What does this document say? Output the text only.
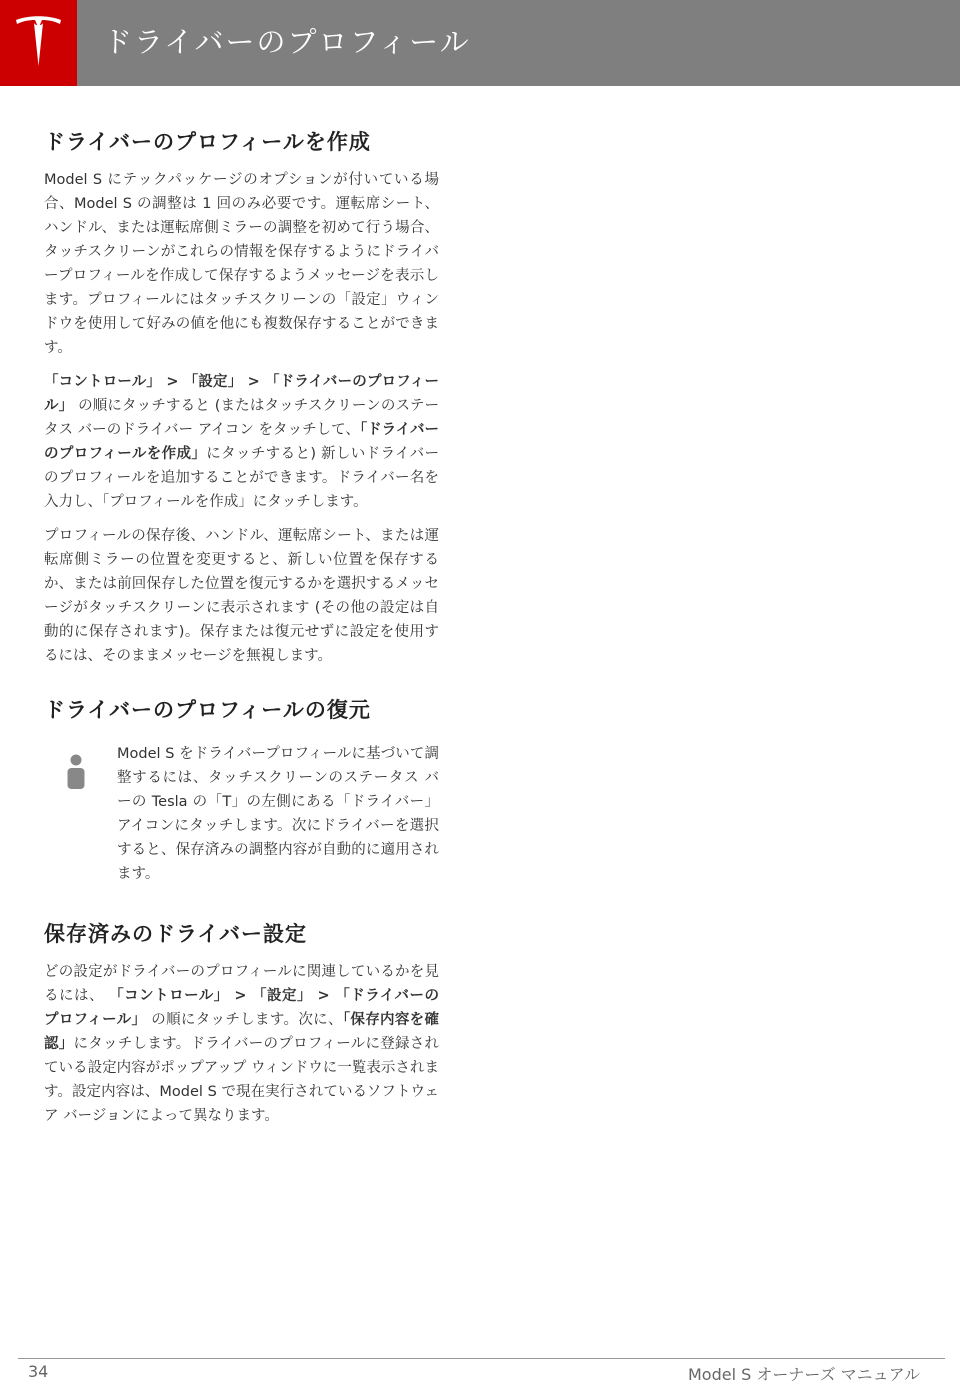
ドライバーのプロフィール
ドライバーのプロフィールを作成

Model S にテックパッケージのオプションが付いている場合、Model S の調整は 1 回のみ必要です。運転席シート、ハンドル、または運転席側ミラーの調整を初めて行う場合、タッチスクリーンがこれらの情報を保存するようにドライバープロフィールを作成して保存するようメッセージを表示します。プロフィールにはタッチスクリーンの「設定」ウィンドウを使用して好みの値を他にも複数保存することができます。

「コントロール」 > 「設定」 > 「ドライバーのプロフィール」 の順にタッチすると (またはタッチスクリーンのステータス バーのドライバー アイコン をタッチして、「ドライバーのプロフィールを作成」にタッチすると) 新しいドライバーのプロフィールを追加することができます。ドライバー名を入力し、「プロフィールを作成」にタッチします。

プロフィールの保存後、ハンドル、運転席シート、または運転席側ミラーの位置を変更すると、新しい位置を保存するか、または前回保存した位置を復元するかを選択するメッセージがタッチスクリーンに表示されます (その他の設定は自動的に保存されます)。保存または復元せずに設定を使用するには、そのままメッセージを無視します。

ドライバーのプロフィールの復元

Model S をドライバープロフィールに基づいて調整するには、タッチスクリーンのステータス バーの Tesla の「T」の左側にある「ドライバー」アイコンにタッチします。次にドライバーを選択すると、保存済みの調整内容が自動的に適用されます。

保存済みのドライバー設定

どの設定がドライバーのプロフィールに関連しているかを見るには、 「コントロール」 > 「設定」 > 「ドライバーのプロフィール」 の順にタッチします。次に、「保存内容を確認」にタッチします。ドライバーのプロフィールに登録されている設定内容がポップアップ ウィンドウに一覧表示されます。設定内容は、Model S で現在実行されているソフトウェア バージョンによって異なります。

34	Model S オーナーズ マニュアル
